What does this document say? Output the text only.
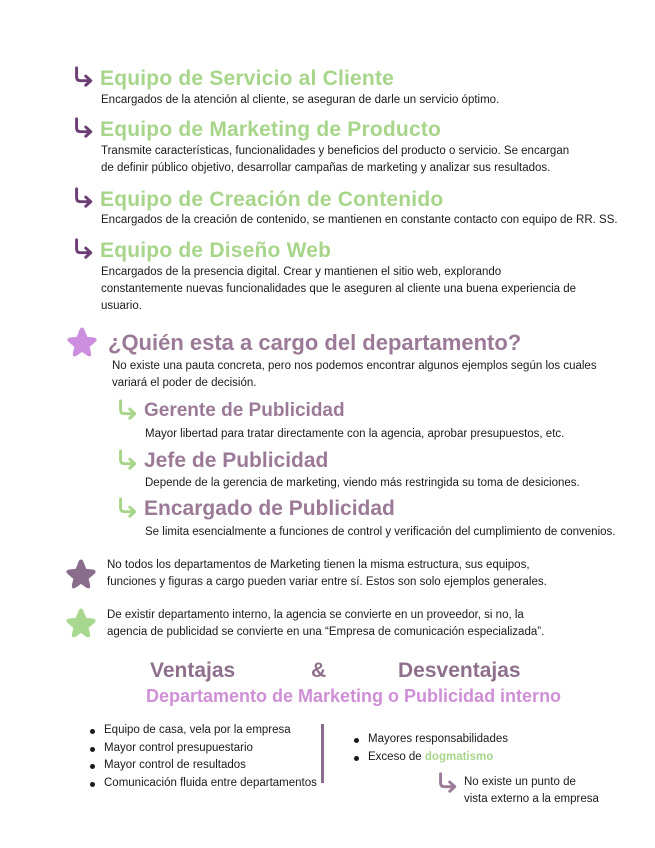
Equipo de Servicio al Cliente
Encargados de la atención al cliente, se aseguran de darle un servicio óptimo.
Equipo de Marketing de Producto
Transmite características, funcionalidades y beneficios del producto o servicio. Se encargan
de definir público objetivo, desarrollar campañas de marketing y analizar sus resultados.
Equipo de Creación de Contenido
Encargados de la creación de contenido, se mantienen en constante contacto con equipo de RR. SS.
Equipo de Diseño Web
Encargados de la presencia digital. Crear y mantienen el sitio web, explorando
constantemente nuevas funcionalidades que le aseguren al cliente una buena experiencia de
usuario.
¿Quién esta a cargo del departamento?
No existe una pauta concreta, pero nos podemos encontrar algunos ejemplos según los cuales
variará el poder de decisión.
Gerente de Publicidad
Mayor libertad para tratar directamente con la agencia, aprobar presupuestos, etc.
Jefe de Publicidad
Depende de la gerencia de marketing, viendo más restringida su toma de desiciones.
Encargado de Publicidad
Se limita esencialmente a funciones de control y verificación del cumplimiento de convenios.
No todos los departamentos de Marketing tienen la misma estructura, sus equipos,
funciones y figuras a cargo pueden variar entre sí. Estos son solo ejemplos generales.
De existir departamento interno, la agencia se convierte en un proveedor, si no, la
agencia de publicidad se convierte en una “Empresa de comunicación especializada”.
Ventajas	&	Desventajas
Departamento de Marketing o Publicidad interno
Equipo de casa, vela por la empresa
Mayor control presupuestario
Mayor control de resultados
Comunicación fluida entre departamentos
Mayores responsabilidades
Exceso de dogmatismo
No existe un punto de
vista externo a la empresa
